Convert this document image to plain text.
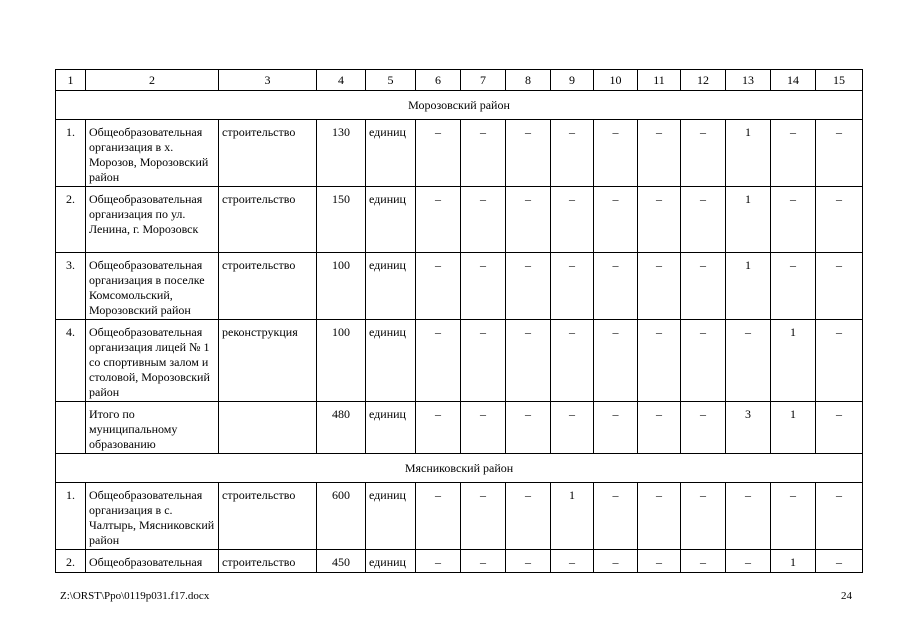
1	2	3	4	5	6	7	8	9	10	11	12	13	14	15
Морозовский район														
1.	Общеобразовательная организация в х. Морозов, Морозовский район	строительство	130	единиц	–	–	–	–	–	–	–	1	–	–
2.	Общеобразовательная организация по ул. Ленина, г. Морозовск	строительство	150	единиц	–	–	–	–	–	–	–	1	–	–
3.	Общеобразовательная организация в поселке Комсомольский, Морозовский район	строительство	100	единиц	–	–	–	–	–	–	–	1	–	–
4.	Общеобразовательная организация лицей № 1 со спортивным залом и столовой, Морозовский район	реконструкция	100	единиц	–	–	–	–	–	–	–	–	1	–
	Итого по муниципальному образованию		480	единиц	–	–	–	–	–	–	–	3	1	–
Мясниковский район														
1.	Общеобразовательная организация в с. Чалтырь, Мясниковский район	строительство	600	единиц	–	–	–	1	–	–	–	–	–	–
2.	Общеобразовательная	строительство	450	единиц	–	–	–	–	–	–	–	–	1	–
Z:\ORST\Ppo\0119p031.f17.docx	24
